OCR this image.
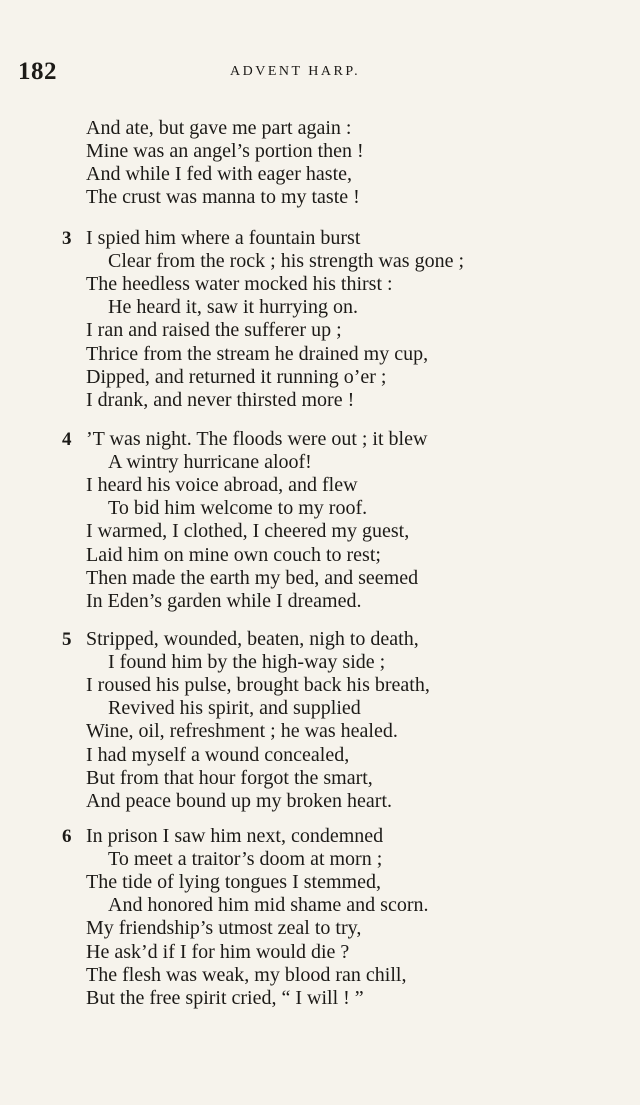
182	ADVENT HARP.
And ate, but gave me part again :
Mine was an angel’s portion then !
And while I fed with eager haste,
The crust was manna to my taste !
3 I spied him where a fountain burst
Clear from the rock ; his strength was gone ;
The heedless water mocked his thirst :
He heard it, saw it hurrying on.
I ran and raised the sufferer up ;
Thrice from the stream he drained my cup,
Dipped, and returned it running o’er ;
I drank, and never thirsted more !
4 ’T was night. The floods were out ; it blew
A wintry hurricane aloof!
I heard his voice abroad, and flew
To bid him welcome to my roof.
I warmed, I clothed, I cheered my guest,
Laid him on mine own couch to rest;
Then made the earth my bed, and seemed
In Eden’s garden while I dreamed.
5 Stripped, wounded, beaten, nigh to death,
I found him by the high-way side ;
I roused his pulse, brought back his breath,
Revived his spirit, and supplied
Wine, oil, refreshment ; he was healed.
I had myself a wound concealed,
But from that hour forgot the smart,
And peace bound up my broken heart.
6 In prison I saw him next, condemned
To meet a traitor’s doom at morn ;
The tide of lying tongues I stemmed,
And honored him mid shame and scorn.
My friendship’s utmost zeal to try,
He ask’d if I for him would die ?
The flesh was weak, my blood ran chill,
But the free spirit cried, “ I will ! ”
